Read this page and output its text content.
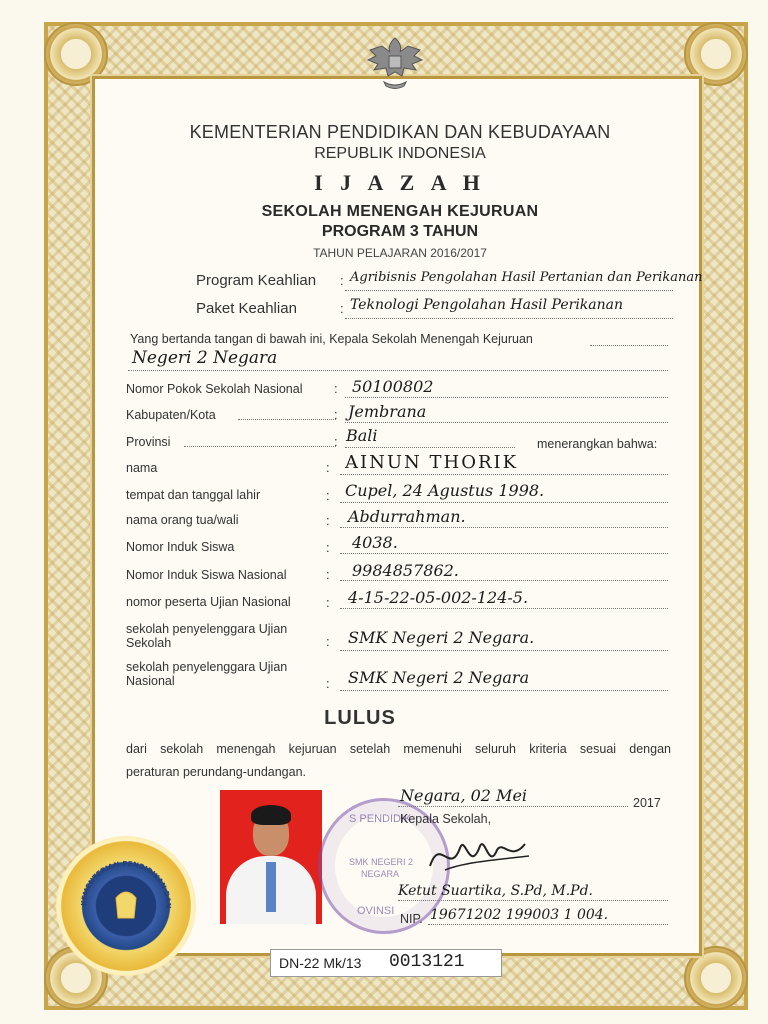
KEMENTERIAN PENDIDIKAN DAN KEBUDAYAAN
REPUBLIK INDONESIA
I J A Z A H
SEKOLAH MENENGAH KEJURUAN
PROGRAM 3 TAHUN
TAHUN PELAJARAN 2016/2017
Program Keahlian : Agribisnis Pengolahan Hasil Pertanian dan Perikanan
Paket Keahlian	: Teknologi Pengolahan Hasil Perikanan
Yang bertanda tangan di bawah ini, Kepala Sekolah Menengah Kejuruan
Negeri 2 Negara
Nomor Pokok Sekolah Nasional : 50100802
Kabupaten/Kota	: Jembrana
Provinsi	: Bali	menerangkan bahwa:
nama	: AINUN THORIK
tempat dan tanggal lahir	: Cupel, 24 Agustus 1998.
nama orang tua/wali	: Abdurrahman.
Nomor Induk Siswa	: 4038.
Nomor Induk Siswa Nasional	: 9984857862.
nomor peserta Ujian Nasional	: 4-15-22-05-002-124-5.
sekolah penyelenggara Ujian
Sekolah	: SMK Negeri 2 Negara.
sekolah penyelenggara Ujian
Nasional	: SMK Negeri 2 Negara
LULUS
dari sekolah menengah kejuruan setelah memenuhi seluruh kriteria sesuai dengan
peraturan perundang-undangan.
KEMENTERIAN PENDIDIKAN DAN
S PENDIDIK
SMK NEGERI 2
NEGARA
OVINSI
Negara, 02 Mei	2017
Kepala Sekolah,
Ketut Suartika, S.Pd, M.Pd.
NIP. 19671202 199003 1 004.
DN-22 Mk/13 0013121
